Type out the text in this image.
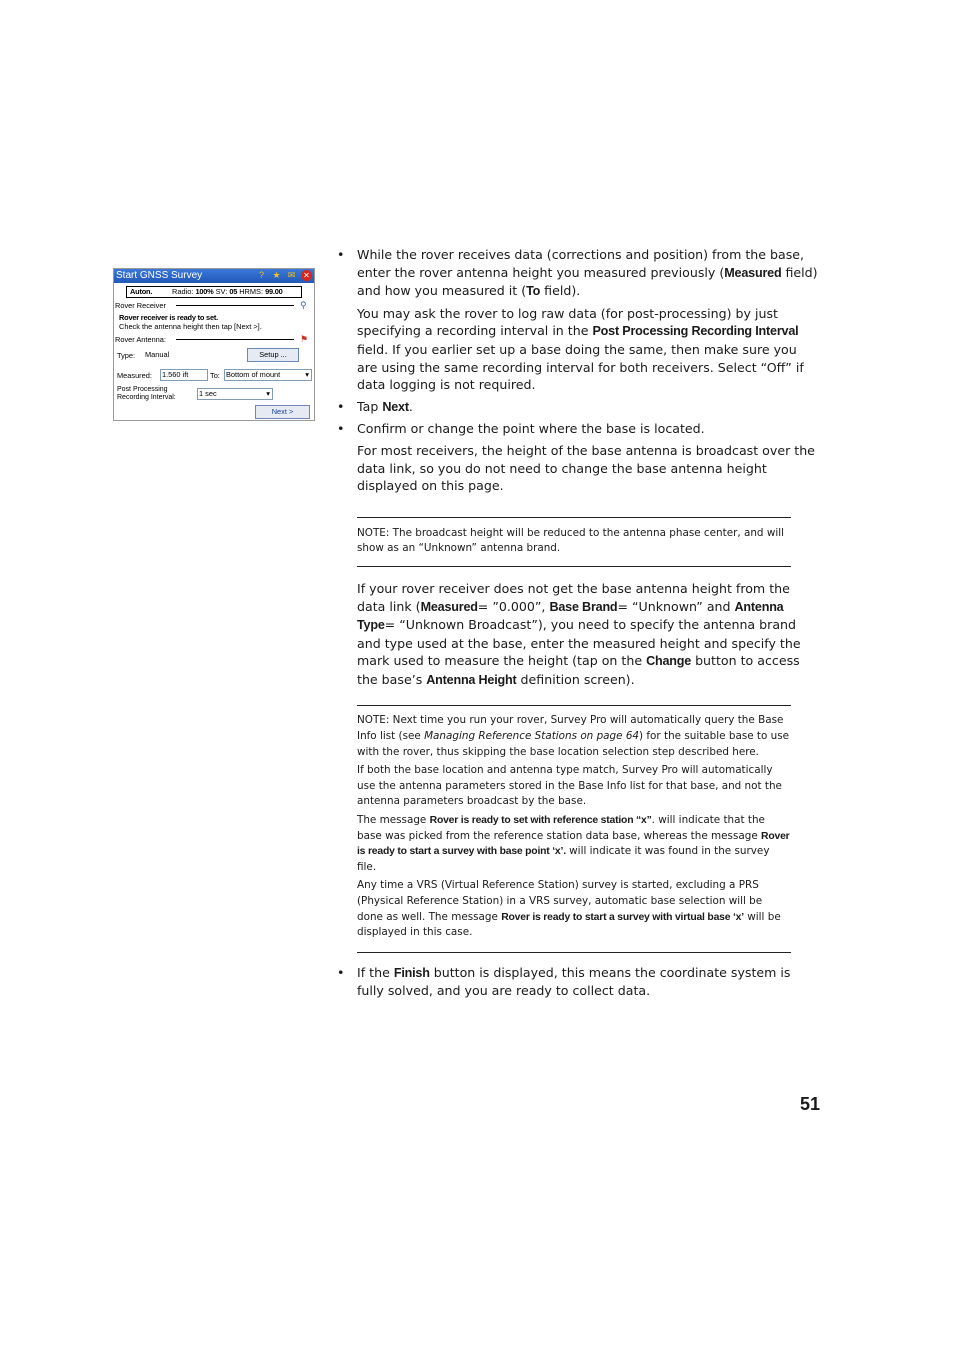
Start GNSS Survey	? ★ ✉ ✕
Auton.	Radio: 100% SV: 05 HRMS: 99.00
Rover Receiver	⚲
Rover receiver is ready to set.
Check the antenna height then tap [Next >].
Rover Antenna:	⚑
Type: Manual	Setup ...
Measured: 1.560 ift	To: Bottom of mount	▾
Post Processing
Recording Interval:	1 sec	▾
Next >
• While the rover receives data (corrections and position) from the base, enter the rover antenna height you measured previously (Measured field) and how you measured it (To field).

You may ask the rover to log raw data (for post-processing) by just specifying a recording interval in the Post Processing Recording Interval field. If you earlier set up a base doing the same, then make sure you are using the same recording interval for both receivers. Select “Off” if data logging is not required.

• Tap Next.

• Confirm or change the point where the base is located.

For most receivers, the height of the base antenna is broadcast over the data link, so you do not need to change the base antenna height displayed on this page.

NOTE: The broadcast height will be reduced to the antenna phase center, and will show as an “Unknown” antenna brand.

If your rover receiver does not get the base antenna height from the data link (Measured= ”0.000”, Base Brand= “Unknown” and Antenna Type= “Unknown Broadcast”), you need to specify the antenna brand and type used at the base, enter the measured height and specify the mark used to measure the height (tap on the Change button to access the base’s Antenna Height definition screen).

NOTE: Next time you run your rover, Survey Pro will automatically query the Base Info list (see Managing Reference Stations on page 64) for the suitable base to use with the rover, thus skipping the base location selection step described here.

If both the base location and antenna type match, Survey Pro will automatically use the antenna parameters stored in the Base Info list for that base, and not the antenna parameters broadcast by the base.

The message Rover is ready to set with reference station “x”. will indicate that the base was picked from the reference station data base, whereas the message Rover is ready to start a survey with base point ‘x’. will indicate it was found in the survey file.

Any time a VRS (Virtual Reference Station) survey is started, excluding a PRS (Physical Reference Station) in a VRS survey, automatic base selection will be done as well. The message Rover is ready to start a survey with virtual base ‘x’ will be displayed in this case.

• If the Finish button is displayed, this means the coordinate system is fully solved, and you are ready to collect data.

51
